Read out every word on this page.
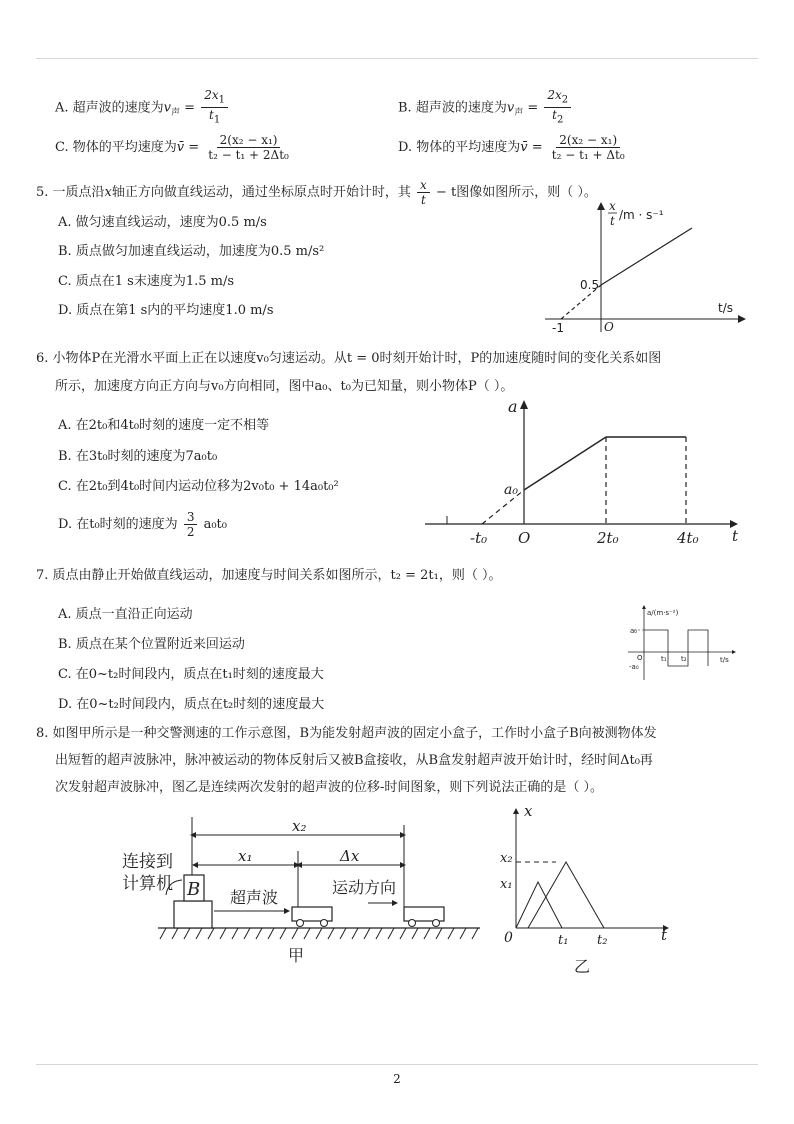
A. 超声波的速度为$v_声 = \frac{2x_1}{t_1}$	B. 超声波的速度为$v_声 = \frac{2x_2}{t_2}$
C. 物体的平均速度为v̄ = $\frac{\text{2(x₂ − x₁)}}{\text{t₂ − t₁ + 2Δt₀}}$	D. 物体的平均速度为v̄ = $\frac{\text{2(x₂ − x₁)}}{\text{t₂ − t₁ + Δt₀}}$
5. 一质点沿x轴正方向做直线运动，通过坐标原点时开始计时，其 $\frac{x}{t} - t$图像如图所示，则（ ）。
A. 做匀速直线运动，速度为0.5 m/s
B. 质点做匀加速直线运动，加速度为0.5 m/s²
C. 质点在1 s末速度为1.5 m/s
D. 质点在第1 s内的平均速度1.0 m/s
x
t /m · s⁻¹
0.5
-1	O
t/s
6. 小物体P在光滑水平面上正在以速度v₀匀速运动。从t = 0时刻开始计时，P的加速度随时间的变化关系如图
所示，加速度方向正方向与v₀方向相同，图中a₀、t₀为已知量，则小物体P（ ）。
A. 在2t₀和4t₀时刻的速度一定不相等
B. 在3t₀时刻的速度为7a₀t₀
C. 在2t₀到4t₀时间内运动位移为2v₀t₀ + 14a₀t₀²
D. 在t₀时刻的速度为 $\frac{3}{2} a_0t_0$
a
a₀
-t₀ O	2t₀	4t₀ t
7. 质点由静止开始做直线运动，加速度与时间关系如图所示，t₂ = 2t₁，则（ ）。
A. 质点一直沿正向运动
B. 质点在某个位置附近来回运动
C. 在0~t₂时间段内，质点在t₁时刻的速度最大
D. 在0~t₂时间段内，质点在t₂时刻的速度最大
a/(m·s⁻²)
a₀
O
-a₀
t₁ t₂	t/s
8. 如图甲所示是一种交警测速的工作示意图，B为能发射超声波的固定小盒子，工作时小盒子B向被测物体发
出短暂的超声波脉冲，脉冲被运动的物体反射后又被B盒接收，从B盒发射超声波开始计时，经时间Δt₀再
次发射超声波脉冲，图乙是连续两次发射的超声波的位移-时间图象，则下列说法正确的是（ ）。
B
连接到
计算机
x₂
x₁	Δx
超声波
运动方向
甲
x
x₂
x₁
0	t₁ t₂	t
乙
2
